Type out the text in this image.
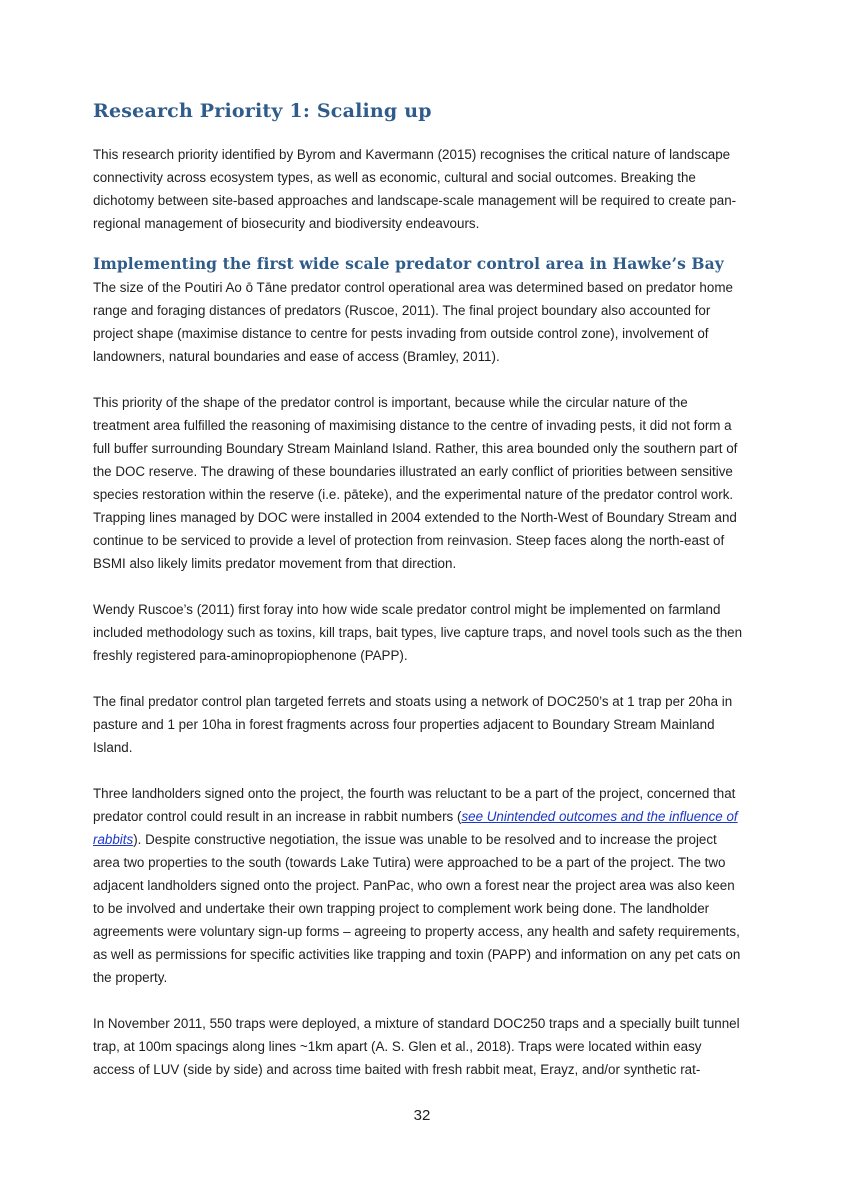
Research Priority 1: Scaling up

This research priority identified by Byrom and Kavermann (2015) recognises the critical nature of landscape connectivity across ecosystem types, as well as economic, cultural and social outcomes. Breaking the dichotomy between site-based approaches and landscape-scale management will be required to create pan-regional management of biosecurity and biodiversity endeavours.

Implementing the first wide scale predator control area in Hawke’s Bay

The size of the Poutiri Ao ō Tāne predator control operational area was determined based on predator home range and foraging distances of predators (Ruscoe, 2011). The final project boundary also accounted for project shape (maximise distance to centre for pests invading from outside control zone), involvement of landowners, natural boundaries and ease of access (Bramley, 2011).

This priority of the shape of the predator control is important, because while the circular nature of the treatment area fulfilled the reasoning of maximising distance to the centre of invading pests, it did not form a full buffer surrounding Boundary Stream Mainland Island. Rather, this area bounded only the southern part of the DOC reserve. The drawing of these boundaries illustrated an early conflict of priorities between sensitive species restoration within the reserve (i.e. pāteke), and the experimental nature of the predator control work. Trapping lines managed by DOC were installed in 2004 extended to the North-West of Boundary Stream and continue to be serviced to provide a level of protection from reinvasion. Steep faces along the north-east of BSMI also likely limits predator movement from that direction.

Wendy Ruscoe’s (2011) first foray into how wide scale predator control might be implemented on farmland included methodology such as toxins, kill traps, bait types, live capture traps, and novel tools such as the then freshly registered para-aminopropiophenone (PAPP).

The final predator control plan targeted ferrets and stoats using a network of DOC250’s at 1 trap per 20ha in pasture and 1 per 10ha in forest fragments across four properties adjacent to Boundary Stream Mainland Island.

Three landholders signed onto the project, the fourth was reluctant to be a part of the project, concerned that predator control could result in an increase in rabbit numbers (see Unintended outcomes and the influence of rabbits). Despite constructive negotiation, the issue was unable to be resolved and to increase the project area two properties to the south (towards Lake Tutira) were approached to be a part of the project. The two adjacent landholders signed onto the project. PanPac, who own a forest near the project area was also keen to be involved and undertake their own trapping project to complement work being done. The landholder agreements were voluntary sign-up forms – agreeing to property access, any health and safety requirements, as well as permissions for specific activities like trapping and toxin (PAPP) and information on any pet cats on the property.

In November 2011, 550 traps were deployed, a mixture of standard DOC250 traps and a specially built tunnel trap, at 100m spacings along lines ~1km apart (A. S. Glen et al., 2018). Traps were located within easy access of LUV (side by side) and across time baited with fresh rabbit meat, Erayz, and/or synthetic rat-

32
